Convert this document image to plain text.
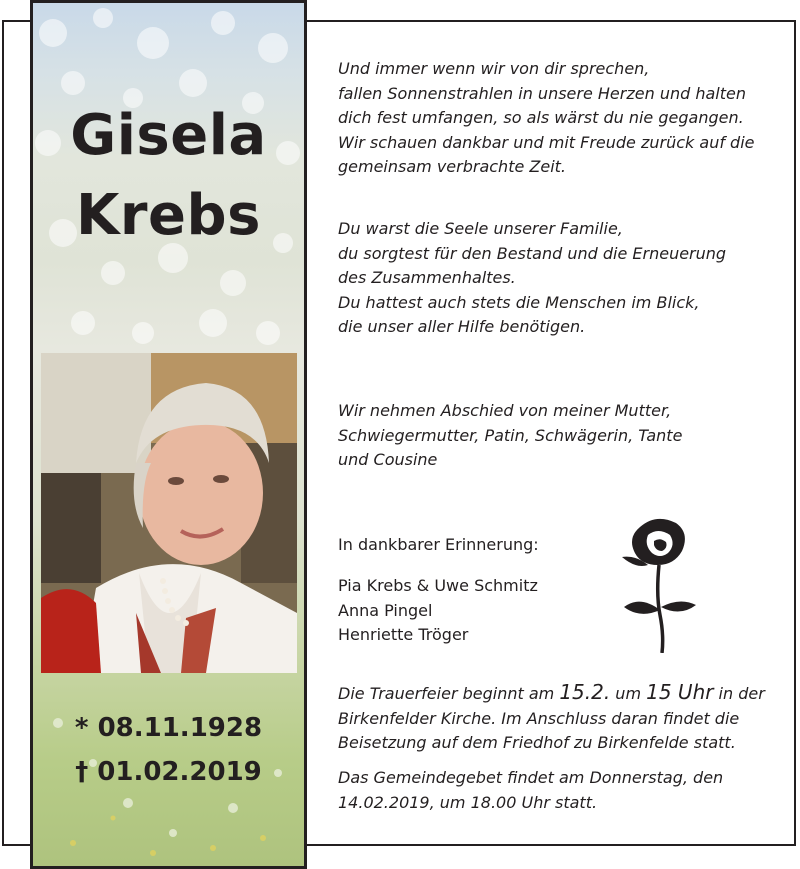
Gisela
Krebs
* 08.11.1928
† 01.02.2019
Und immer wenn wir von dir sprechen,
fallen Sonnenstrahlen in unsere Herzen und halten
dich fest umfangen, so als wärst du nie gegangen.
Wir schauen dankbar und mit Freude zurück auf die
gemeinsam verbrachte Zeit.
Du warst die Seele unserer Familie,
du sorgtest für den Bestand und die Erneuerung
des Zusammenhaltes.
Du hattest auch stets die Menschen im Blick,
die unser aller Hilfe benötigen.
Wir nehmen Abschied von meiner Mutter,
Schwiegermutter, Patin, Schwägerin, Tante
und Cousine
In dankbarer Erinnerung:
Pia Krebs & Uwe Schmitz
Anna Pingel
Henriette Tröger
Die Trauerfeier beginnt am 15.2. um 15 Uhr in der
Birkenfelder Kirche. Im Anschluss daran findet die
Beisetzung auf dem Friedhof zu Birkenfelde statt.
Das Gemeindegebet findet am Donnerstag, den
14.02.2019, um 18.00 Uhr statt.
